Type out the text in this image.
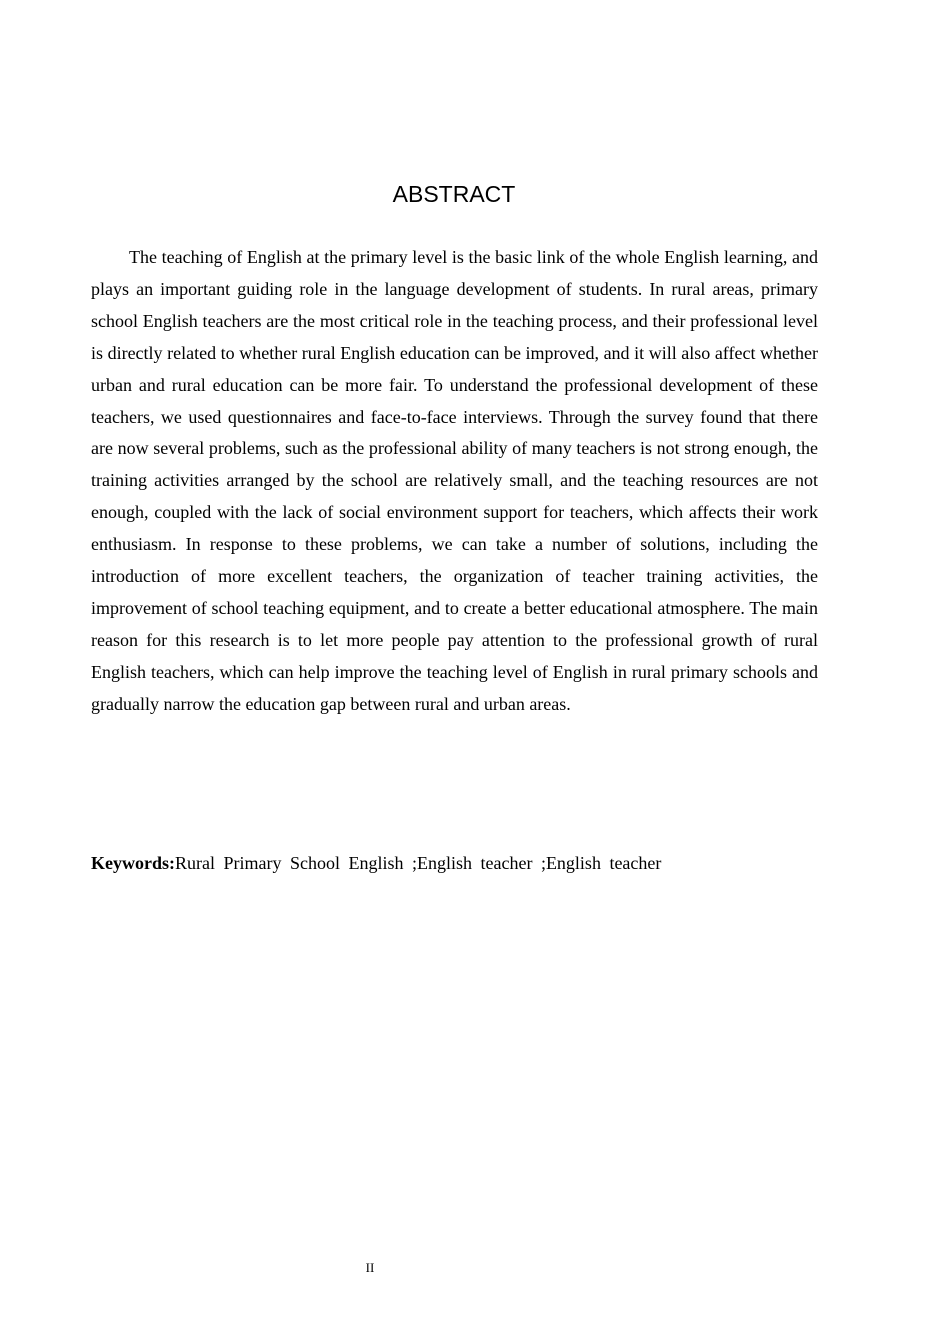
ABSTRACT

The teaching of English at the primary level is the basic link of the whole English learning, and plays an important guiding role in the language development of students. In rural areas, primary school English teachers are the most critical role in the teaching process, and their professional level is directly related to whether rural English education can be improved, and it will also affect whether urban and rural education can be more fair. To understand the professional development of these teachers, we used questionnaires and face-to-face interviews. Through the survey found that there are now several problems, such as the professional ability of many teachers is not strong enough, the training activities arranged by the school are relatively small, and the teaching resources are not enough, coupled with the lack of social environment support for teachers, which affects their work enthusiasm. In response to these problems, we can take a number of solutions, including the introduction of more excellent teachers, the organization of teacher training activities, the improvement of school teaching equipment, and to create a better educational atmosphere. The main reason for this research is to let more people pay attention to the professional growth of rural English teachers, which can help improve the teaching level of English in rural primary schools and gradually narrow the education gap between rural and urban areas.

Keywords:Rural Primary School English ;English teacher ;English teacher

II
